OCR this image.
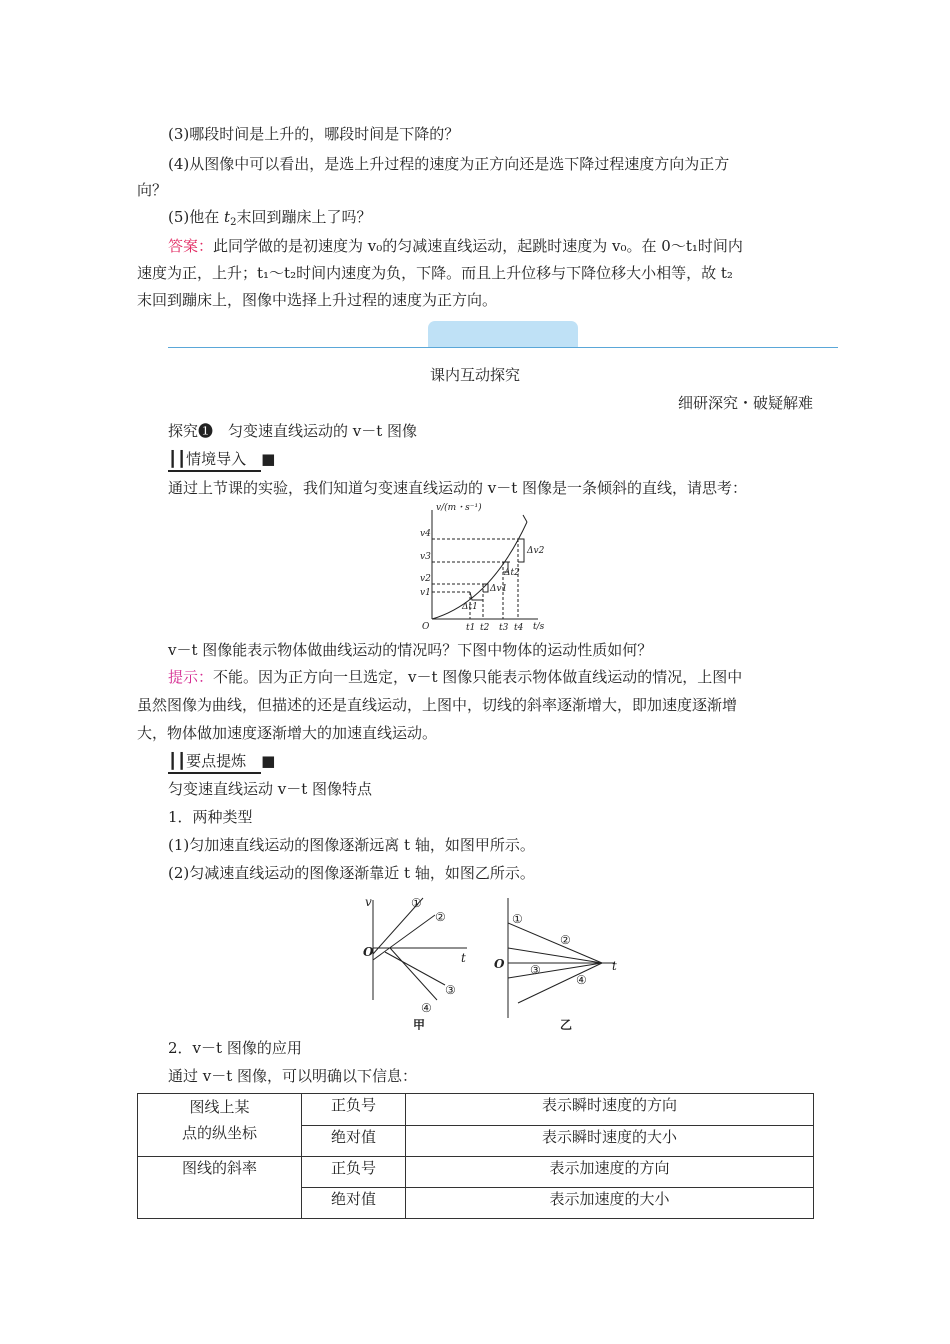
(3)哪段时间是上升的，哪段时间是下降的？
(4)从图像中可以看出，是选上升过程的速度为正方向还是选下降过程速度方向为正方
向？
(5)他在 $t_2$末回到蹦床上了吗？
答案：此同学做的是初速度为 v₀的匀减速直线运动，起跳时速度为 v₀。在 0～t₁时间内
速度为正，上升；t₁～t₂时间内速度为负，下降。而且上升位移与下降位移大小相等，故 t₂
末回到蹦床上，图像中选择上升过程的速度为正方向。
课内互动探究
细研深究・破疑解难
探究❶　匀变速直线运动的 v－t 图像
┃┃情境导入　 ■
通过上节课的实验，我们知道匀变速直线运动的 v－t 图像是一条倾斜的直线，请思考：
v/(m・s⁻¹)
t/s
O
v4
v3
v2
v1
t1 t2 t3 t4
Δv2
Δt2
Δv1
Δt1
v－t 图像能表示物体做曲线运动的情况吗？下图中物体的运动性质如何？
提示：不能。因为正方向一旦选定，v－t 图像只能表示物体做直线运动的情况，上图中
虽然图像为曲线，但描述的还是直线运动，上图中，切线的斜率逐渐增大，即加速度逐渐增
大，物体做加速度逐渐增大的加速直线运动。
┃┃要点提炼　 ■
匀变速直线运动 v－t 图像特点
1．两种类型
(1)匀加速直线运动的图像逐渐远离 t 轴，如图甲所示。
(2)匀减速直线运动的图像逐渐靠近 t 轴，如图乙所示。
v
O	t
①
②
③
④
甲
O	t
①
②
③
④
乙
2．v－t 图像的应用
通过 v－t 图像，可以明确以下信息：
图线上某
点的纵坐标	正负号	表示瞬时速度的方向
	绝对值	表示瞬时速度的大小
图线的斜率	正负号	表示加速度的方向
	绝对值	表示加速度的大小
